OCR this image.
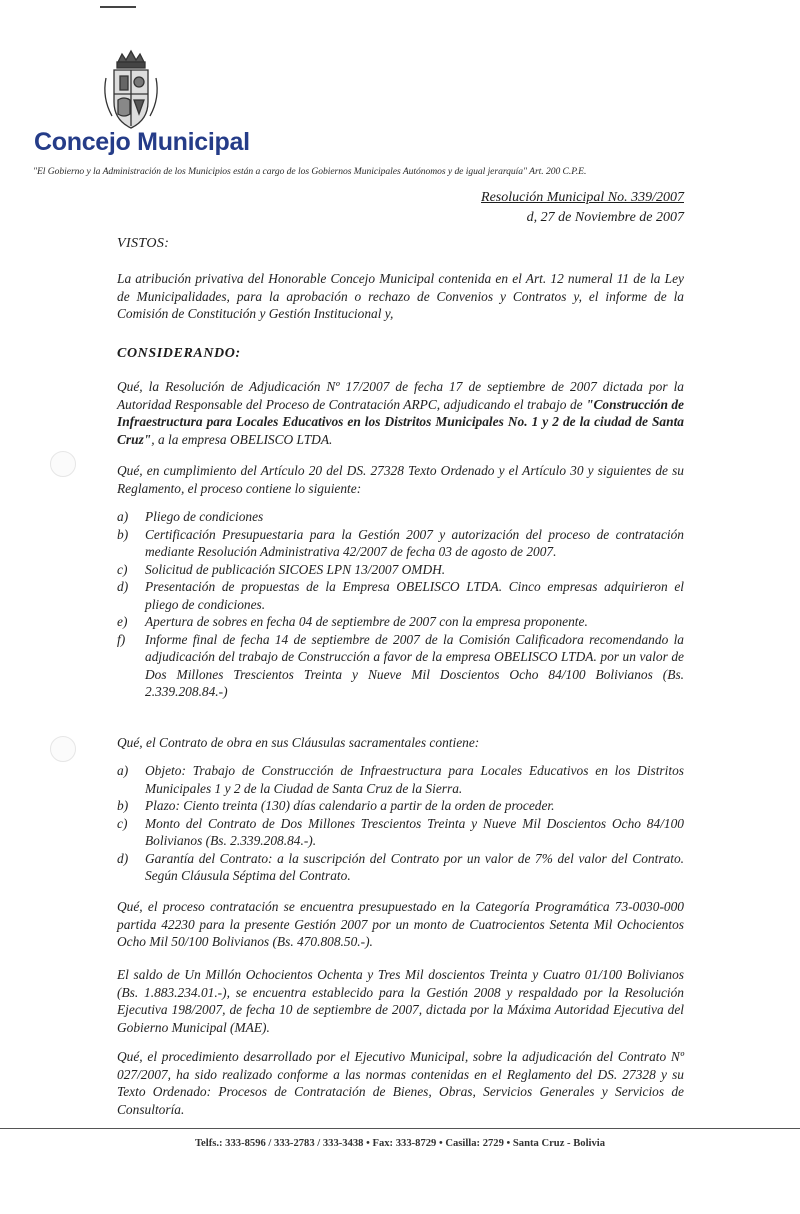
Concejo Municipal
"El Gobierno y la Administración de los Municipios están a cargo de los Gobiernos Municipales Autónomos y de igual jerarquía" Art. 200 C.P.E.
Resolución Municipal No. 339/2007
d, 27 de Noviembre de 2007
VISTOS:
La atribución privativa del Honorable Concejo Municipal contenida en el Art. 12 numeral 11 de la Ley de Municipalidades, para la aprobación o rechazo de Convenios y Contratos y, el informe de la Comisión de Constitución y Gestión Institucional y,
CONSIDERANDO:
Qué, la Resolución de Adjudicación Nº 17/2007 de fecha 17 de septiembre de 2007 dictada por la Autoridad Responsable del Proceso de Contratación ARPC, adjudicando el trabajo de "Construcción de Infraestructura para Locales Educativos en los Distritos Municipales No. 1 y 2 de la ciudad de Santa Cruz", a la empresa OBELISCO LTDA.
Qué, en cumplimiento del Artículo 20 del DS. 27328 Texto Ordenado y el Artículo 30 y siguientes de su Reglamento, el proceso contiene lo siguiente:
a) Pliego de condiciones
b) Certificación Presupuestaria para la Gestión 2007 y autorización del proceso de contratación mediante Resolución Administrativa 42/2007 de fecha 03 de agosto de 2007.
c) Solicitud de publicación SICOES LPN 13/2007 OMDH.
d) Presentación de propuestas de la Empresa OBELISCO LTDA. Cinco empresas adquirieron el pliego de condiciones.
e) Apertura de sobres en fecha 04 de septiembre de 2007 con la empresa proponente.
f) Informe final de fecha 14 de septiembre de 2007 de la Comisión Calificadora recomendando la adjudicación del trabajo de Construcción a favor de la empresa OBELISCO LTDA. por un valor de Dos Millones Trescientos Treinta y Nueve Mil Doscientos Ocho 84/100 Bolivianos (Bs. 2.339.208.84.-)
Qué, el Contrato de obra en sus Cláusulas sacramentales contiene:
a) Objeto: Trabajo de Construcción de Infraestructura para Locales Educativos en los Distritos Municipales 1 y 2 de la Ciudad de Santa Cruz de la Sierra.
b) Plazo: Ciento treinta (130) días calendario a partir de la orden de proceder.
c) Monto del Contrato de Dos Millones Trescientos Treinta y Nueve Mil Doscientos Ocho 84/100 Bolivianos (Bs. 2.339.208.84.-).
d) Garantía del Contrato: a la suscripción del Contrato por un valor de 7% del valor del Contrato. Según Cláusula Séptima del Contrato.
Qué, el proceso contratación se encuentra presupuestado en la Categoría Programática 73-0030-000 partida 42230 para la presente Gestión 2007 por un monto de Cuatrocientos Setenta Mil Ochocientos Ocho Mil 50/100 Bolivianos (Bs. 470.808.50.-).
El saldo de Un Millón Ochocientos Ochenta y Tres Mil doscientos Treinta y Cuatro 01/100 Bolivianos (Bs. 1.883.234.01.-), se encuentra establecido para la Gestión 2008 y respaldado por la Resolución Ejecutiva 198/2007, de fecha 10 de septiembre de 2007, dictada por la Máxima Autoridad Ejecutiva del Gobierno Municipal (MAE).
Qué, el procedimiento desarrollado por el Ejecutivo Municipal, sobre la adjudicación del Contrato Nº 027/2007, ha sido realizado conforme a las normas contenidas en el Reglamento del DS. 27328 y su Texto Ordenado: Procesos de Contratación de Bienes, Obras, Servicios Generales y Servicios de Consultoría.
Telfs.: 333-8596 / 333-2783 / 333-3438 • Fax: 333-8729 • Casilla: 2729 • Santa Cruz - Bolivia
